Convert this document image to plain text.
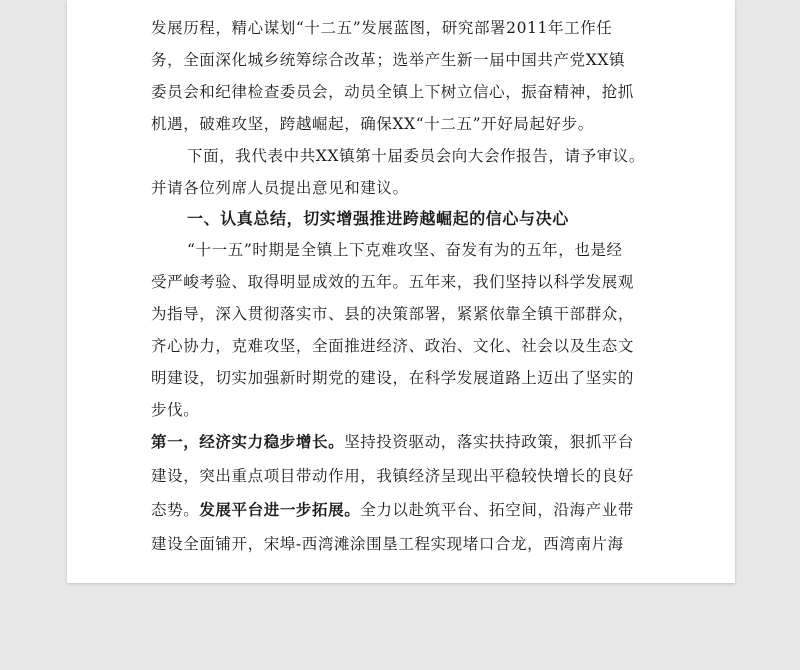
发展历程，精心谋划“十二五”发展蓝图，研究部署2011年工作任
务，全面深化城乡统筹综合改革；选举产生新一届中国共产党XX镇
委员会和纪律检查委员会，动员全镇上下树立信心，振奋精神，抢抓
机遇，破难攻坚，跨越崛起，确保XX“十二五”开好局起好步。
下面，我代表中共XX镇第十届委员会向大会作报告，请予审议。
并请各位列席人员提出意见和建议。
一、认真总结，切实增强推进跨越崛起的信心与决心
“十一五”时期是全镇上下克难攻坚、奋发有为的五年，也是经
受严峻考验、取得明显成效的五年。五年来，我们坚持以科学发展观
为指导，深入贯彻落实市、县的决策部署，紧紧依靠全镇干部群众，
齐心协力，克难攻坚，全面推进经济、政治、文化、社会以及生态文
明建设，切实加强新时期党的建设，在科学发展道路上迈出了坚实的
步伐。
第一，经济实力稳步增长。坚持投资驱动，落实扶持政策，狠抓平台
建设，突出重点项目带动作用，我镇经济呈现出平稳较快增长的良好
态势。发展平台进一步拓展。全力以赴筑平台、拓空间，沿海产业带
建设全面铺开，宋埠-西湾滩涂围垦工程实现堵口合龙，西湾南片海
